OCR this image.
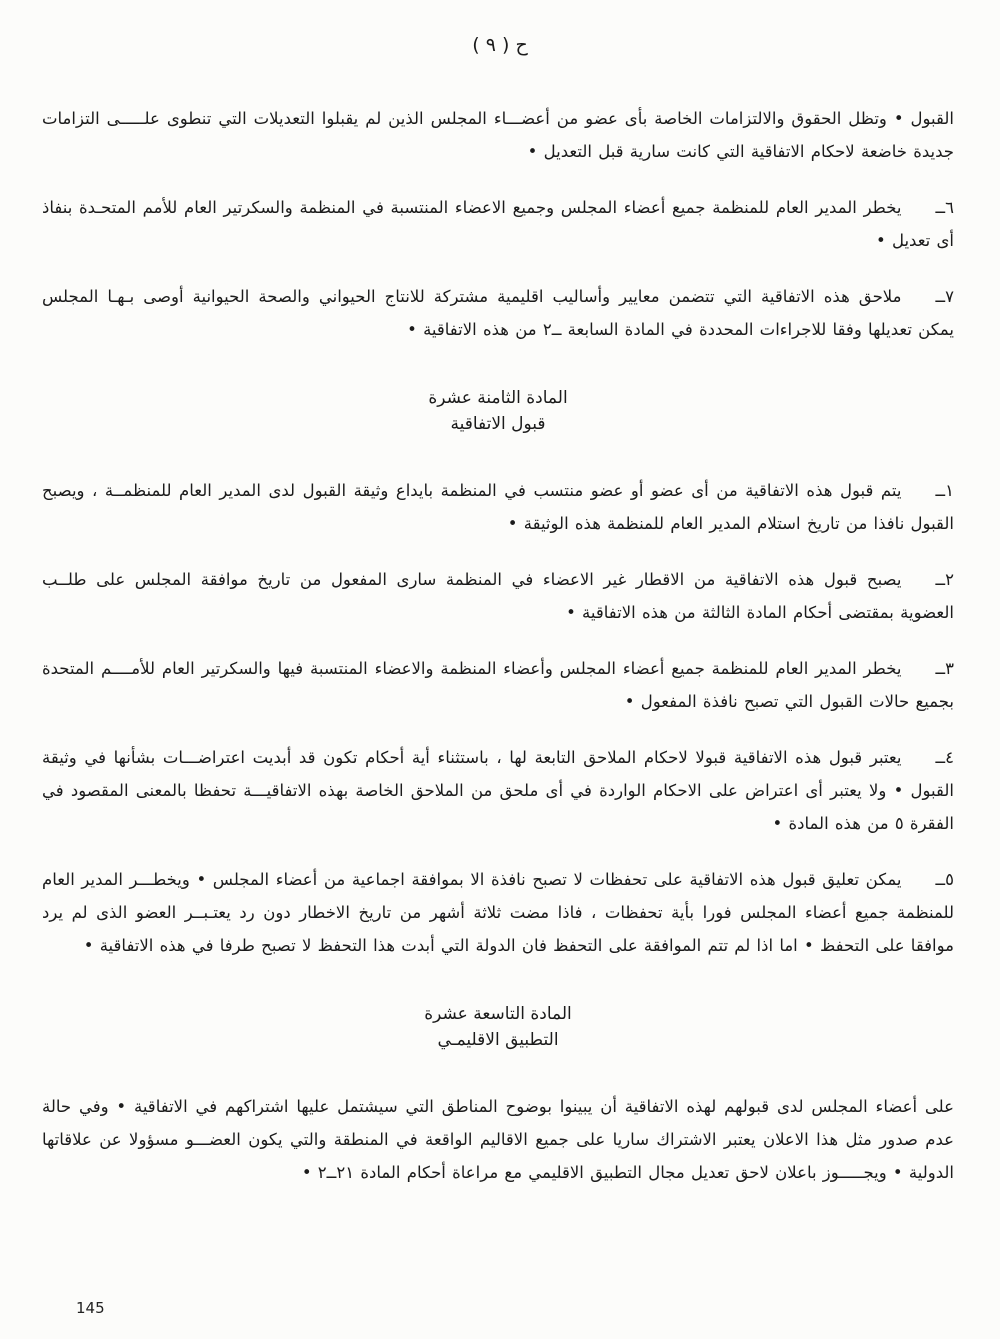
ح ( ٩ )

القبول • وتظل الحقوق والالتزامات الخاصة بأى عضو من أعضـــاء المجلس الذين لم يقبلوا التعديلات التي تنطوى علـــــى التزامات جديدة خاضعة لاحكام الاتفاقية التي كانت سارية قبل التعديل •

٦ــيخطر المدير العام للمنظمة جميع أعضاء المجلس وجميع الاعضاء المنتسبة في المنظمة والسكرتير العام للأمم المتحـدة بنفاذ أى تعديل •

٧ــملاحق هذه الاتفاقية التي تتضمن معايير وأساليب اقليمية مشتركة للانتاج الحيواني والصحة الحيوانية أوصى بـهـا المجلس يمكن تعديلها وفقا للاجراءات المحددة في المادة السابعة ــ٢ من هذه الاتفاقية •

المادة الثامنة عشرة
قبول الاتفاقية

١ــيتم قبول هذه الاتفاقية من أى عضو أو عضو منتسب في المنظمة بايداع وثيقة القبول لدى المدير العام للمنظمــة ، ويصبح القبول نافذا من تاريخ استلام المدير العام للمنظمة هذه الوثيقة •

٢ــيصبح قبول هذه الاتفاقية من الاقطار غير الاعضاء في المنظمة سارى المفعول من تاريخ موافقة المجلس على طلــب العضوية بمقتضى أحكام المادة الثالثة من هذه الاتفاقية •

٣ــيخطر المدير العام للمنظمة جميع أعضاء المجلس وأعضاء المنظمة والاعضاء المنتسبة فيها والسكرتير العام للأمــــم المتحدة بجميع حالات القبول التي تصبح نافذة المفعول •

٤ــيعتبر قبول هذه الاتفاقية قبولا لاحكام الملاحق التابعة لها ، باستثناء أية أحكام تكون قد أبديت اعتراضـــات بشأنها في وثيقة القبول • ولا يعتبر أى اعتراض على الاحكام الواردة في أى ملحق من الملاحق الخاصة بهذه الاتفاقيـــة تحفظا بالمعنى المقصود في الفقرة ٥ من هذه المادة •

٥ــيمكن تعليق قبول هذه الاتفاقية على تحفظات لا تصبح نافذة الا بموافقة اجماعية من أعضاء المجلس • ويخطـــر المدير العام للمنظمة جميع أعضاء المجلس فورا بأية تحفظات ، فاذا مضت ثلاثة أشهر من تاريخ الاخطار دون رد يعتـبــر العضو الذى لم يرد موافقا على التحفظ • اما اذا لم تتم الموافقة على التحفظ فان الدولة التي أبدت هذا التحفظ لا تصبح طرفا في هذه الاتفاقية •

المادة التاسعة عشرة
التطبيق الاقليمـي

على أعضاء المجلس لدى قبولهم لهذه الاتفاقية أن يبينوا بوضوح المناطق التي سيشتمل عليها اشتراكهم في الاتفاقية • وفي حالة عدم صدور مثل هذا الاعلان يعتبر الاشتراك ساريا على جميع الاقاليم الواقعة في المنطقة والتي يكون العضـــو مسؤولا عن علاقاتها الدولية • ويجـــــوز باعلان لاحق تعديل مجال التطبيق الاقليمي مع مراعاة أحكام المادة ٢١ــ٢ •

145
